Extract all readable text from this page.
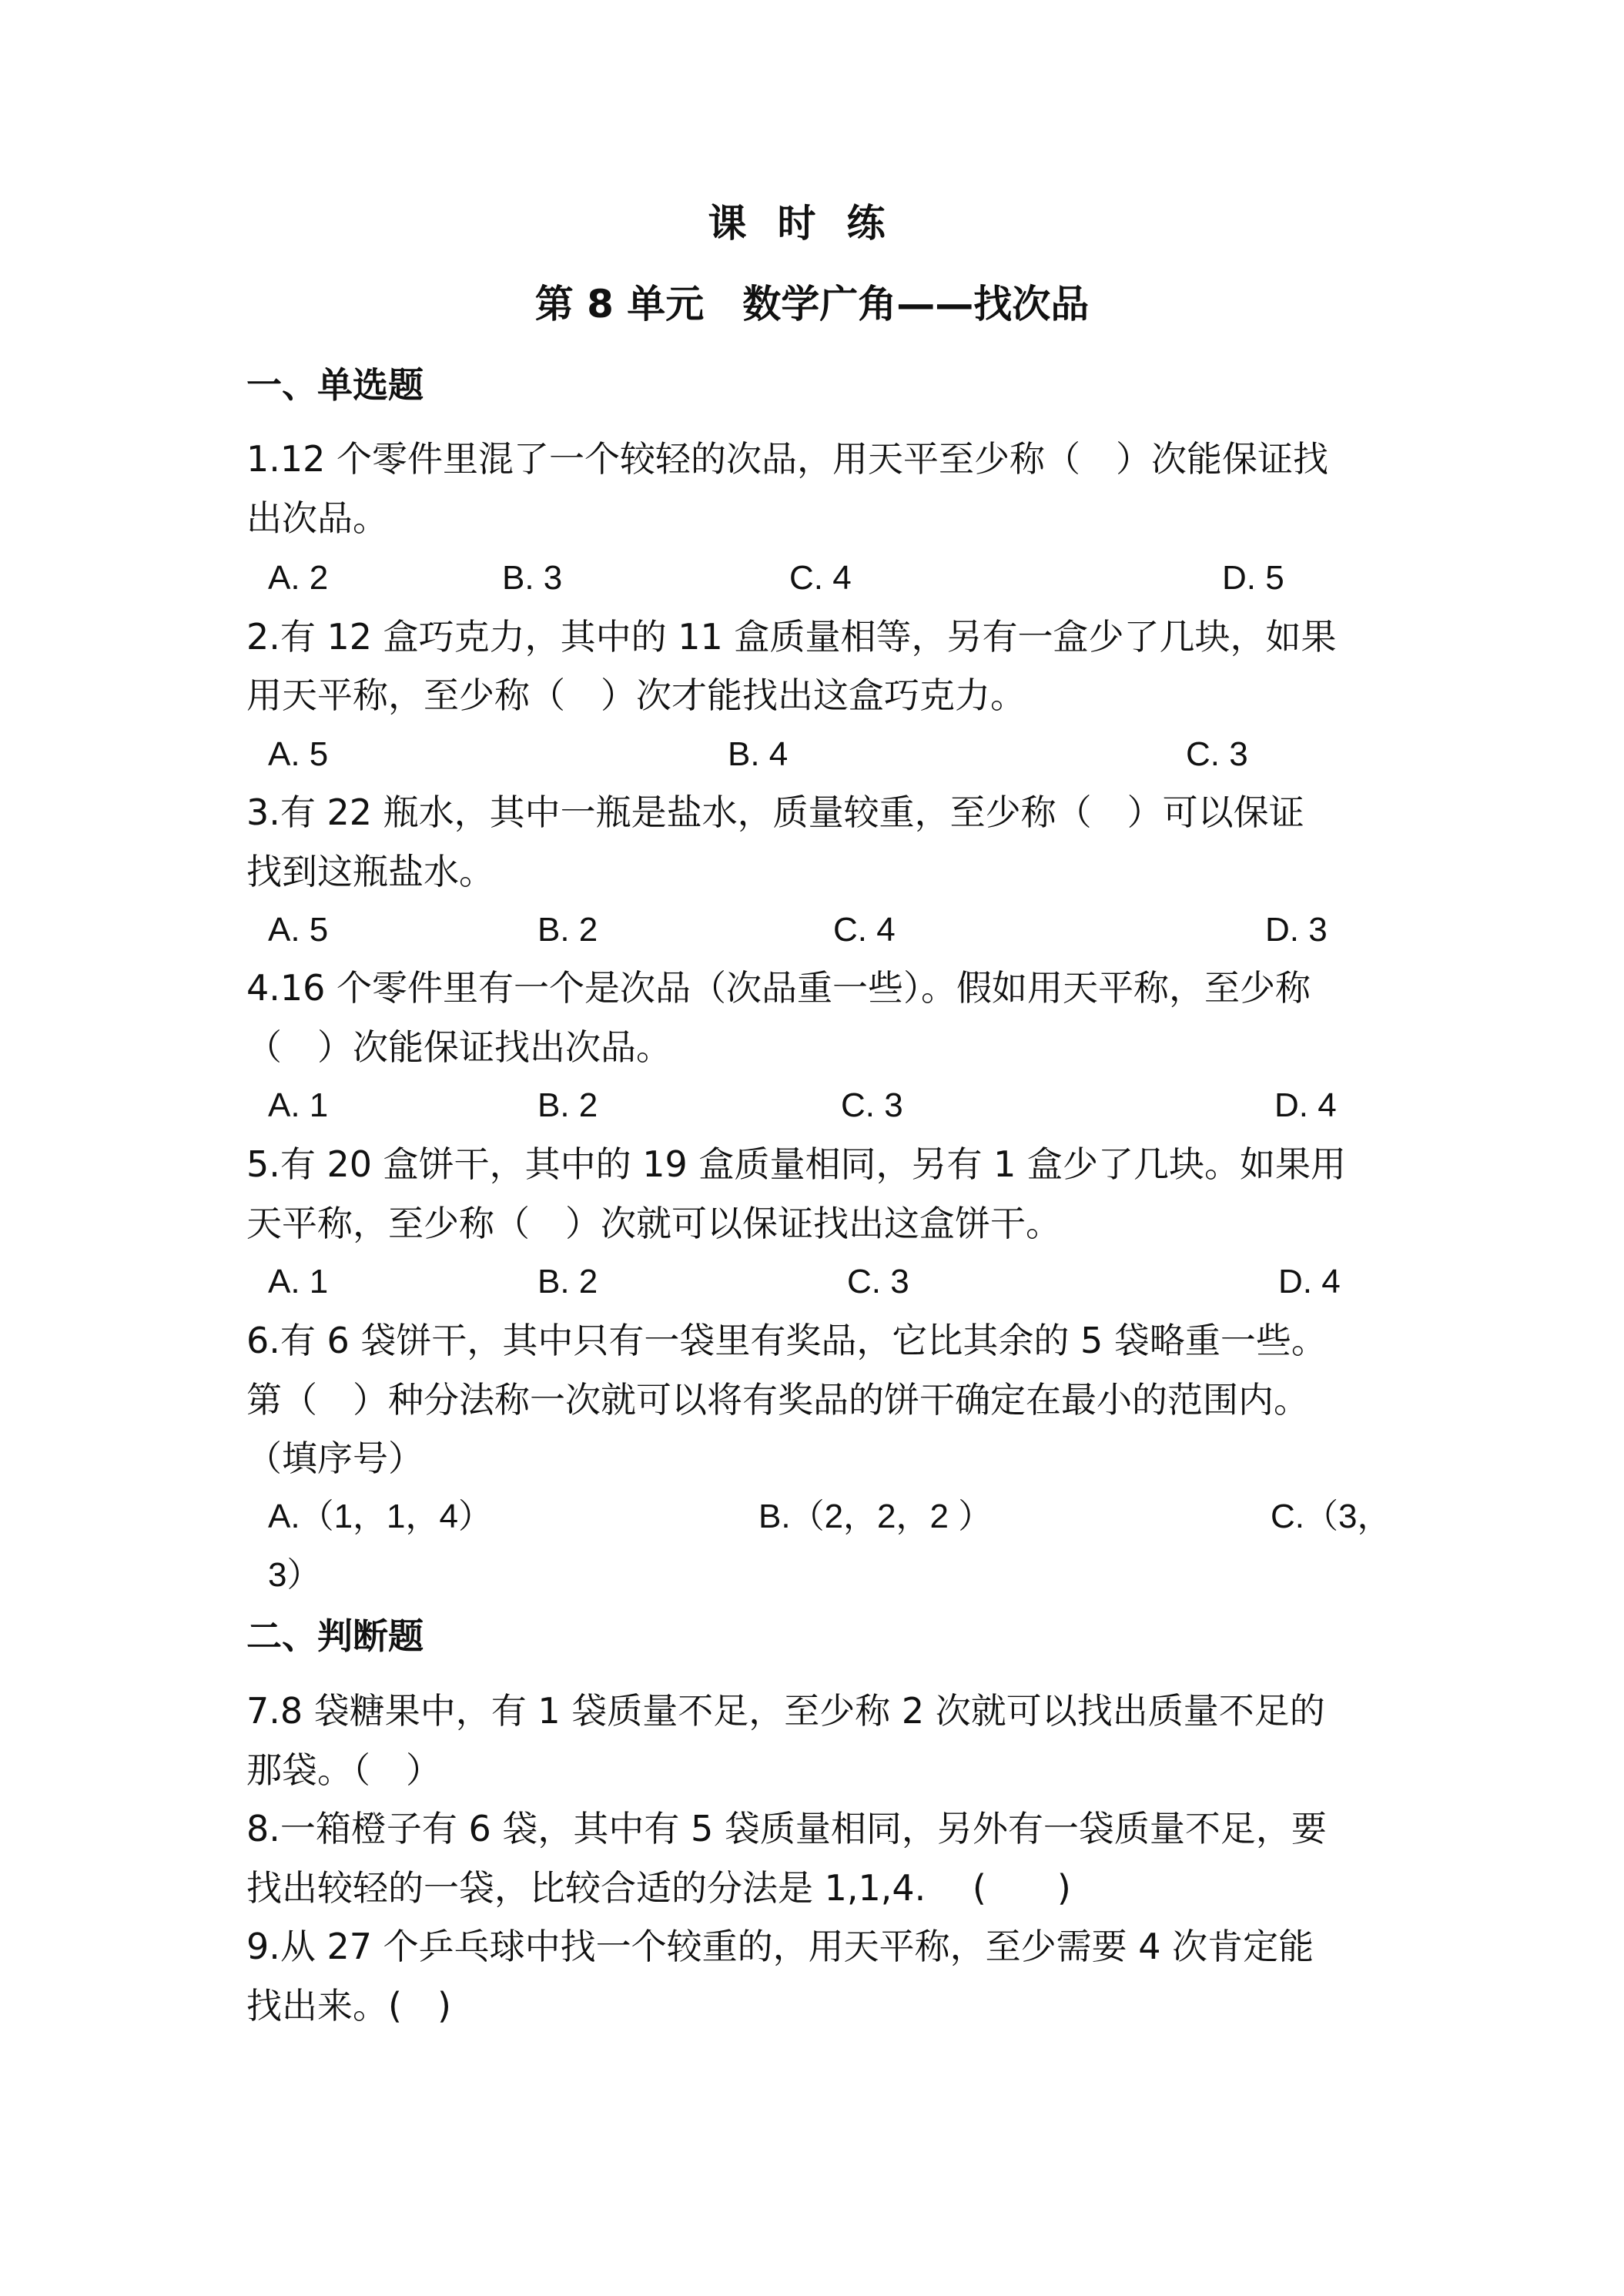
课时练
第 8 单元　数学广角——找次品
一、单选题
1.12 个零件里混了一个较轻的次品，用天平至少称（　）次能保证找
出次品。
A. 2	B. 3	C. 4	D. 5
2.有 12 盒巧克力，其中的 11 盒质量相等，另有一盒少了几块，如果
用天平称，至少称（　）次才能找出这盒巧克力。
A. 5	B. 4	C. 3
3.有 22 瓶水，其中一瓶是盐水，质量较重，至少称（　）可以保证
找到这瓶盐水。
A. 5	B. 2	C. 4	D. 3
4.16 个零件里有一个是次品（次品重一些）。假如用天平称，至少称
（　）次能保证找出次品。
A. 1	B. 2	C. 3	D. 4
5.有 20 盒饼干，其中的 19 盒质量相同，另有 1 盒少了几块。如果用
天平称，至少称（　）次就可以保证找出这盒饼干。
A. 1	B. 2	C. 3	D. 4
6.有 6 袋饼干，其中只有一袋里有奖品，它比其余的 5 袋略重一些。
第（　）种分法称一次就可以将有奖品的饼干确定在最小的范围内。
（填序号）
A.（1，1，4）	B.（2，2，2 ）	C.（3，
3）
二、判断题
7.8 袋糖果中，有 1 袋质量不足，至少称 2 次就可以找出质量不足的
那袋。（　）
8.一箱橙子有 6 袋，其中有 5 袋质量相同，另外有一袋质量不足，要
找出较轻的一袋，比较合适的分法是 1,1,4.　 (　　)
9.从 27 个乒乓球中找一个较重的，用天平称，至少需要 4 次肯定能
找出来。(　)
